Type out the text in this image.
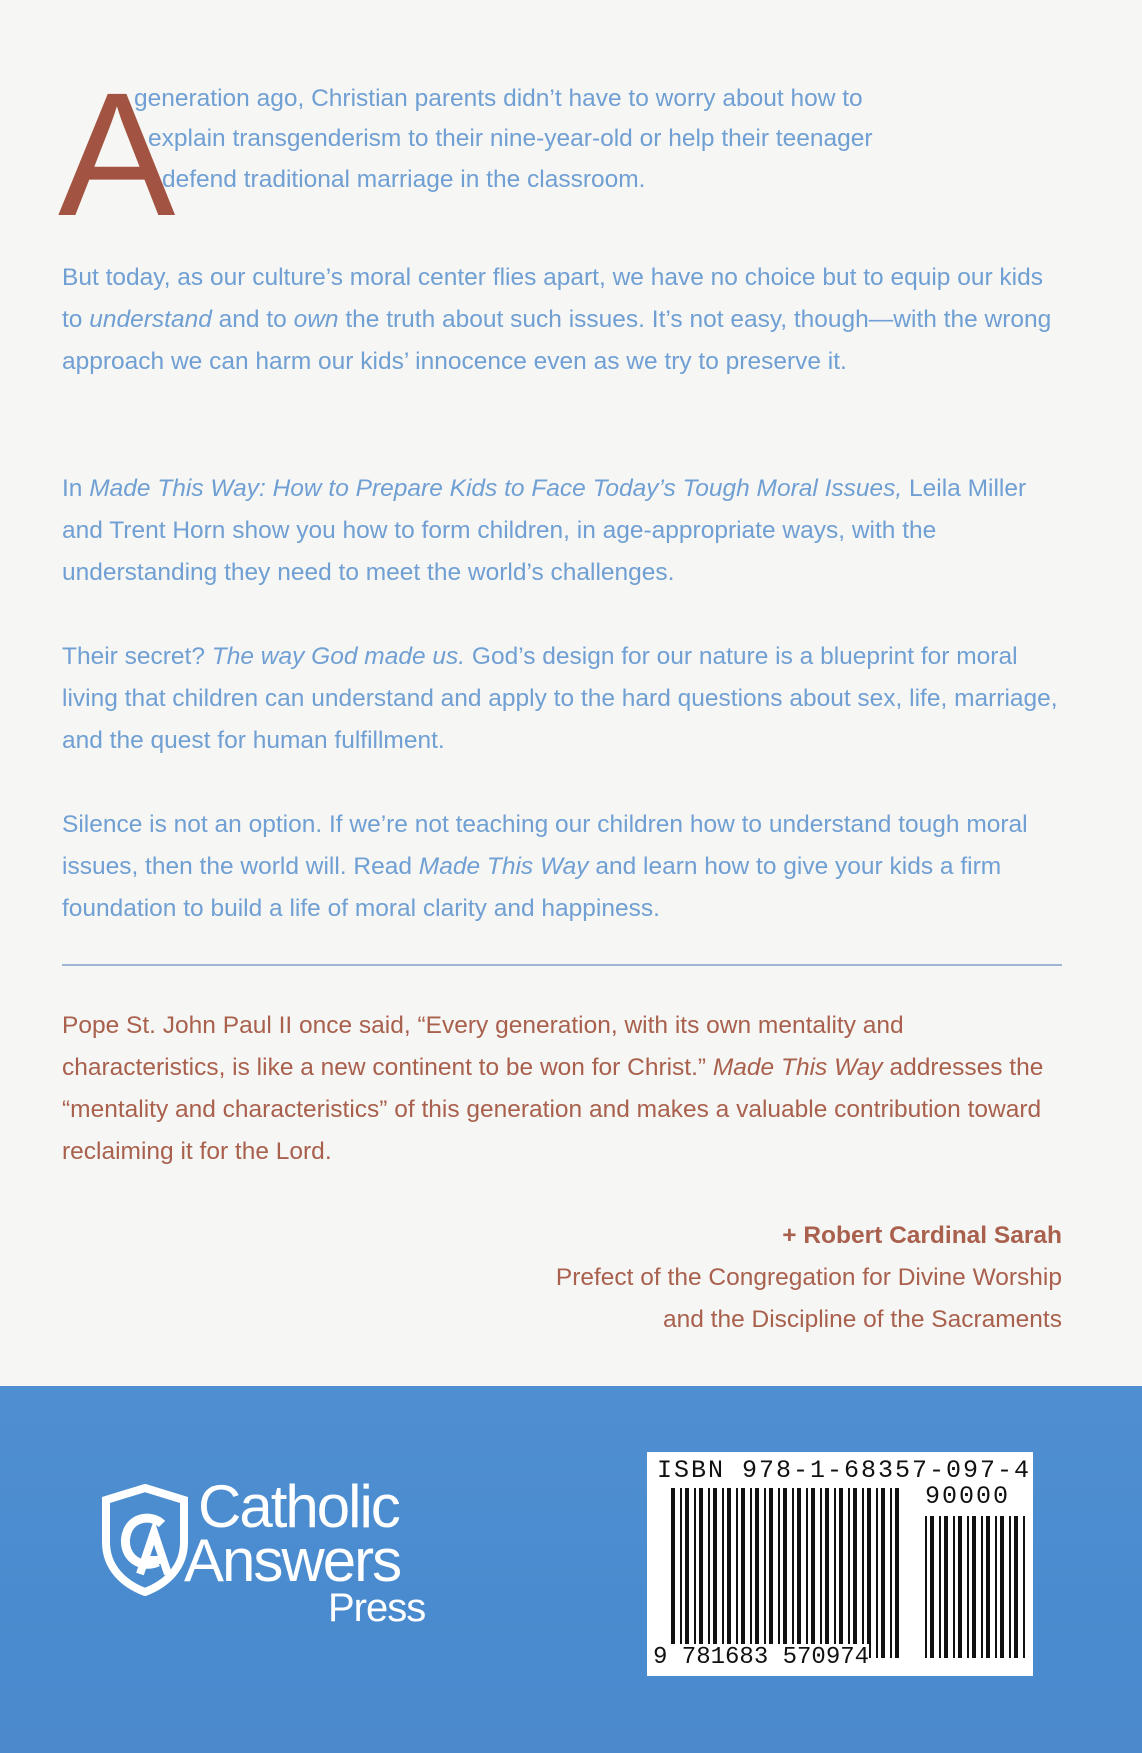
A
generation ago, Christian parents didn’t have to worry about how to
explain transgenderism to their nine-year-old or help their teenager
defend traditional marriage in the classroom.

But today, as our culture’s moral center flies apart, we have no choice but to equip our kids to understand and to own the truth about such issues. It’s not easy, though—with the wrong approach we can harm our kids’ innocence even as we try to preserve it.

In Made This Way: How to Prepare Kids to Face Today’s Tough Moral Issues, Leila Miller and Trent Horn show you how to form children, in age-appropriate ways, with the understanding they need to meet the world’s challenges.

Their secret? The way God made us. God’s design for our nature is a blueprint for moral living that children can understand and apply to the hard questions about sex, life, marriage, and the quest for human fulfillment.

Silence is not an option. If we’re not teaching our children how to understand tough moral issues, then the world will. Read Made This Way and learn how to give your kids a firm foundation to build a life of moral clarity and happiness.

Pope St. John Paul II once said, “Every generation, with its own mentality and characteristics, is like a new continent to be won for Christ.” Made This Way addresses the “mentality and characteristics” of this generation and makes a valuable contribution toward reclaiming it for the Lord.

+ Robert Cardinal Sarah
Prefect of the Congregation for Divine Worship
and the Discipline of the Sacraments
Catholic
Answers
Press
ISBN 978-1-68357-097-4
90000
9 781683 570974
